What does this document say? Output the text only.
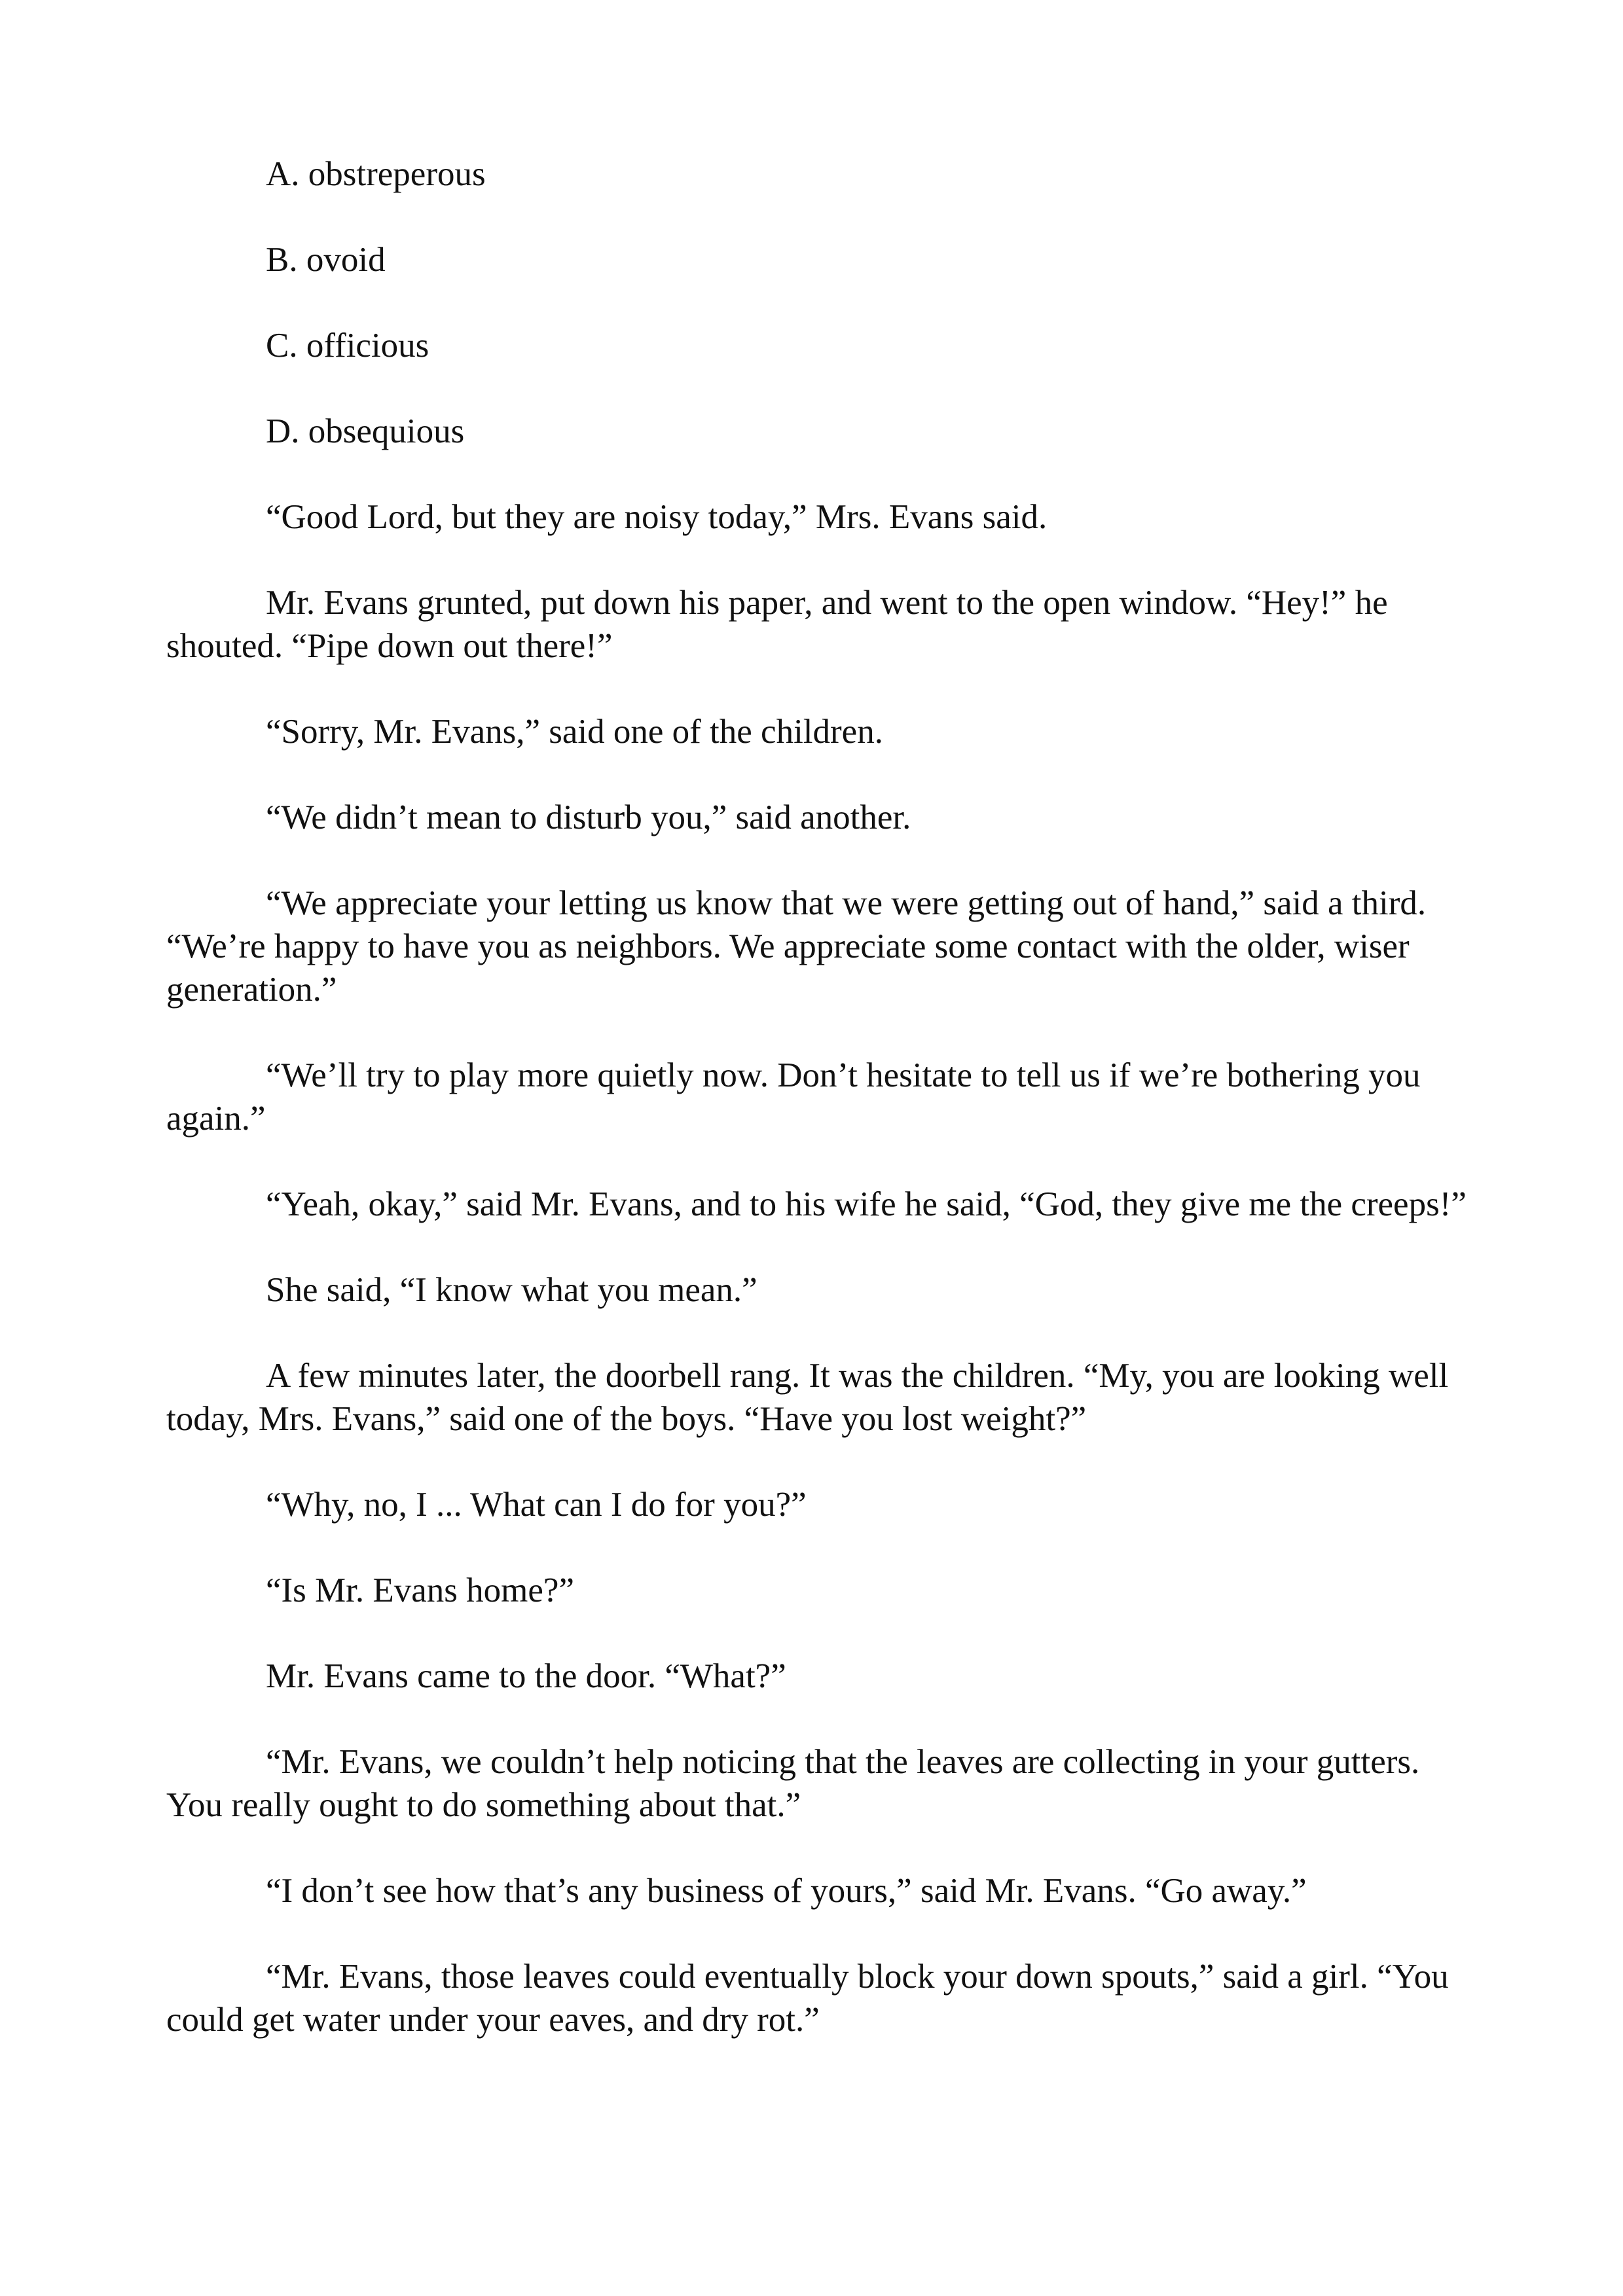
A. obstreperous

B. ovoid

C. officious

D. obsequious

“Good Lord, but they are noisy today,” Mrs. Evans said.

Mr. Evans grunted, put down his paper, and went to the open window. “Hey!” he shouted. “Pipe down out there!”

“Sorry, Mr. Evans,” said one of the children.

“We didn’t mean to disturb you,” said another.

“We appreciate your letting us know that we were getting out of hand,” said a third. “We’re happy to have you as neighbors. We appreciate some contact with the older, wiser generation.”

“We’ll try to play more quietly now. Don’t hesitate to tell us if we’re bothering you again.”

“Yeah, okay,” said Mr. Evans, and to his wife he said, “God, they give me the creeps!”

She said, “I know what you mean.”

A few minutes later, the doorbell rang. It was the children. “My, you are looking well today, Mrs. Evans,” said one of the boys. “Have you lost weight?”

“Why, no, I ... What can I do for you?”

“Is Mr. Evans home?”

Mr. Evans came to the door. “What?”

“Mr. Evans, we couldn’t help noticing that the leaves are collecting in your gutters. You really ought to do something about that.”

“I don’t see how that’s any business of yours,” said Mr. Evans. “Go away.”

“Mr. Evans, those leaves could eventually block your down spouts,” said a girl. “You could get water under your eaves, and dry rot.”
